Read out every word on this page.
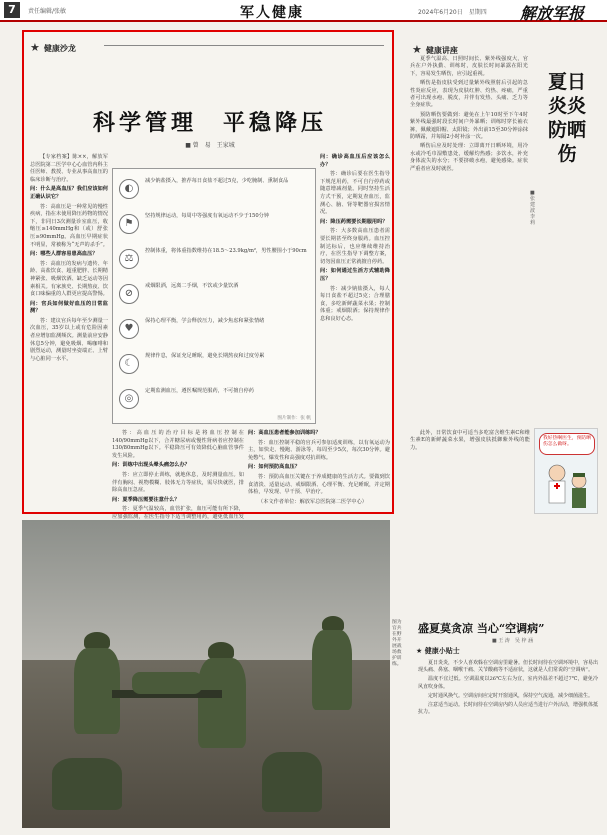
7	责任编辑/张敏	军人健康	2024年6月20日　星期四 解放军报
★ 健康沙龙
科学管理　平稳降压
■ 曾　易　王家城

【专家档案】陈××，解放军总医院第二医学中心心血管内科主任医师、教授、专业从事高血压的临床诊断与治疗。

问：什么是高血压？我们应该如何正确认识它？

答：高血压是一种常见的慢性疾病，指在未使用降压药物的情况下，非同日3次测量诊室血压，收缩压≥140mmHg和（或）舒张压≥90mmHg。高血压早期症状不明显，常被称为“无声的杀手”。

问：哪些人群容易患高血压？

答：高血压的发病与遗传、年龄、高盐饮食、超重肥胖、长期精神紧张、吸烟饮酒、缺乏运动等因素相关。有家族史、长期熬夜、饮食口味偏重的人群更应提高警惕。

问：官兵如何做好血压的日常监测？

答：建议官兵每年至少测量一次血压，35岁以上或有危险因素者应增加监测频次。测量前应安静休息5分钟，避免吸烟、喝咖啡和剧烈运动，测量时坐姿端正、上臂与心脏同一水平。

图片制作：张 帆
◐
减少钠盐摄入，推荐每日食盐不超过5克，少吃腌制、熏制食品
⚑
坚持规律运动，每周中等强度有氧运动不少于150分钟
⚖
控制体重，将体重指数维持在18.5～23.9kg/m²，男性腰围小于90cm
⊘
戒烟限酒，远离二手烟，不饮或少量饮酒
♥
保持心理平衡，学会释放压力，减少焦虑和紧张情绪
☾
规律作息，保证充足睡眠，避免长期熬夜和过度劳累
◎
定期监测血压，遵医嘱规范服药，不可擅自停药

问：确诊高血压后应该怎么办？

答：确诊后要在医生指导下规范用药，不可自行停药或随意增减剂量。同时坚持生活方式干预，定期复查血压，监测心、脑、肾等靶器官损害情况。

问：降压药需要长期服用吗？

答：大多数高血压患者需要长期甚至终身服药。血压控制达标后，也应继续维持治疗，在医生指导下调整方案，切勿因血压正常就擅自停药。

问：如何通过生活方式辅助降压？

答：减少钠盐摄入，每人每日食盐不超过5克；合理膳食，多吃新鲜蔬菜水果；控制体重；戒烟限酒；保持规律作息和良好心态。

答：高血压的治疗目标是将血压控制在140/90mmHg以下，合并糖尿病或慢性肾病者应控制在130/80mmHg以下。平稳降压可有效降低心脑血管事件发生风险。

问：训练中出现头晕头痛怎么办？

答：应立即停止训练，就地休息，及时测量血压。如伴有胸闷、视物模糊、肢体无力等症状，需尽快就医，排除高血压急症。

问：夏季降压需要注意什么？

答：夏季气温较高，血管扩张，血压可能有所下降，应加强监测，在医生指导下适当调整用药，避免低血压发

问：高血压患者能参加训练吗？

答：血压控制平稳的官兵可参加适度训练，以有氧运动为主，如快走、慢跑、游泳等，每周至少5次，每次30分钟。避免憋气、爆发性和高强度对抗训练。

问：如何预防高血压？

答：预防高血压关键在于养成健康的生活方式。要做到饮食清淡、适量运动、戒烟限酒、心理平衡、充足睡眠，并定期体检，早发现、早干预、早治疗。

（本文作者单位：解放军总医院第二医学中心）

★ 健康讲座
夏日炎炎防晒伤
■ 张 建 波　李 莉

夏季气温高、日照时间长、紫外线强度大，官兵在户外执勤、训练时，皮肤长时间暴露在阳光下，容易发生晒伤，应引起重视。

晒伤是指皮肤受到过量紫外线照射后引起的急性炎症反应，表现为皮肤红肿、灼热、疼痛，严重者可出现水疱、脱皮，并伴有发热、头痛、乏力等全身症状。

预防晒伤要做到：避免在上午10时至下午4时紫外线最强时段长时间户外暴晒；训练时穿长袖衣裤，佩戴遮阳帽、太阳镜；外出前15至30分钟涂抹防晒霜，并每隔2小时补涂一次。

晒伤后应及时处理：立即离开日晒环境，用冷水或冷毛巾湿敷患处，缓解灼热感；多饮水，补充身体流失的水分；不要挤破水疱，避免感染。症状严重者应及时就医。

此外，日常饮食中可适当多吃富含维生素C和维生素E的新鲜蔬菜水果，增强皮肤抵御紫外线的能力。

我好热啊医生，预防晒伤怎么做呀。
图为官兵在野外开展战场救护训练。
盛夏莫贪凉 当心“空调病”
■ 王 涛　吴 梓 涵
★ 健康小贴士

夏日炎炎，不少人喜欢躲在空调房里避暑。但长时间待在空调环境中，容易出现头痛、鼻塞、咽喉干痛、关节酸痛等不适症状，这就是人们常说的“空调病”。

温度不宜过低。空调温度以26℃左右为宜，室内外温差不超过7℃，避免冷风直吹身体。

定时通风换气。空调房间应定时开窗通风，保持空气流通，减少细菌滋生。

注意适当运动。长时间待在空调房内的人员应适当进行户外活动，增强机体抵抗力。
